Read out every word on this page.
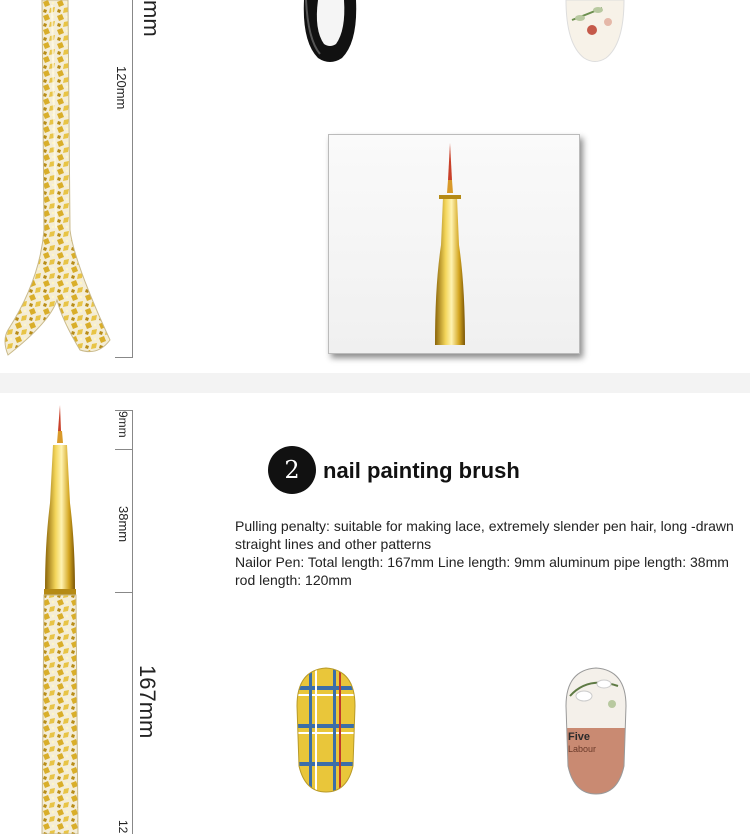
mm
120mm
9mm
38mm
167mm
12
2	nail painting brush

Pulling penalty: suitable for making lace, extremely slender pen hair, long -drawn straight lines and other patterns

Nailor Pen: Total length: 167mm Line length: 9mm aluminum pipe length: 38mm rod length: 120mm

Five
Labour
